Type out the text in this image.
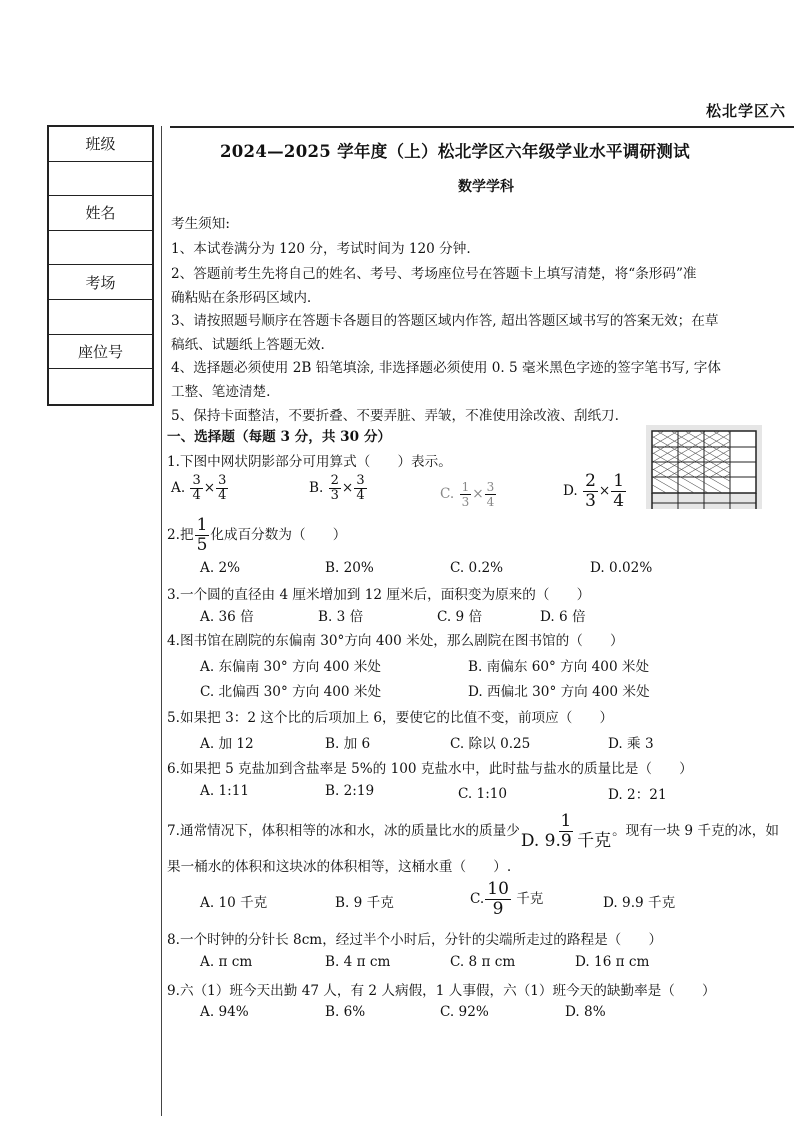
松北学区六
班级
姓名
考场
座位号
2024—2025 学年度（上）松北学区六年级学业水平调研测试
数学学科
考生须知:
1、本试卷满分为 120 分，考试时间为 120 分钟.
2、答题前考生先将自己的姓名、考号、考场座位号在答题卡上填写清楚，将“条形码”准
确粘贴在条形码区域内.
3、请按照题号顺序在答题卡各题目的答题区域内作答, 超出答题区域书写的答案无效；在草
稿纸、试题纸上答题无效.
4、选择题必须使用 2B 铅笔填涂, 非选择题必须使用 0. 5 毫米黑色字迹的签字笔书写, 字体
工整、笔迹清楚.
5、保持卡面整洁，不要折叠、不要弄脏、弄皱，不准使用涂改液、刮纸刀.
一、选择题（每题 3 分，共 30 分）
1.下图中网状阴影部分可用算式（　　）表示。
A. $\frac{3}{4} \times \frac{3}{4}$	B. $\frac{2}{3} \times \frac{3}{4}$	C. $\frac{1}{3} \times \frac{3}{4}$	D. $\frac{2}{3} \times \frac{1}{4}$
2.把 $\frac{1}{5}$ 化成百分数为（　　）
A. 2%	B. 20%	C. 0.2%	D. 0.02%
3.一个圆的直径由 4 厘米增加到 12 厘米后，面积变为原来的（　　）
A. 36 倍	B. 3 倍	C. 9 倍	D. 6 倍
4.图书馆在剧院的东偏南 30°方向 400 米处，那么剧院在图书馆的（　　）
A. 东偏南 30° 方向 400 米处	B. 南偏东 60° 方向 400 米处
C. 北偏西 30° 方向 400 米处	D. 西偏北 30° 方向 400 米处
5.如果把 3：2 这个比的后项加上 6，要使它的比值不变，前项应（　　）
A. 加 12	B. 加 6	C. 除以 0.25	D. 乘 3
6.如果把 5 克盐加到含盐率是 5%的 100 克盐水中，此时盐与盐水的质量比是（　　）
A. 1:11	B. 2:19	C. 1:10	D. 2：21
7.通常情况下，体积相等的冰和水，冰的质量比水的质量少 $\frac{1}{\text{D. 9.9 千克}}$ 。现有一块 9 千克的冰，如
果一桶水的体积和这块冰的体积相等，这桶水重（　　）.
A. 10 千克	B. 9 千克	C. $\frac{10}{9}$ 千克	D. 9.9 千克
8.一个时钟的分针长 8cm，经过半个小时后，分针的尖端所走过的路程是（　　）
A. π cm	B. 4 π cm	C. 8 π cm	D. 16 π cm
9.六（1）班今天出勤 47 人，有 2 人病假，1 人事假，六（1）班今天的缺勤率是（　　）
A. 94%	B. 6%	C. 92%	D. 8%
